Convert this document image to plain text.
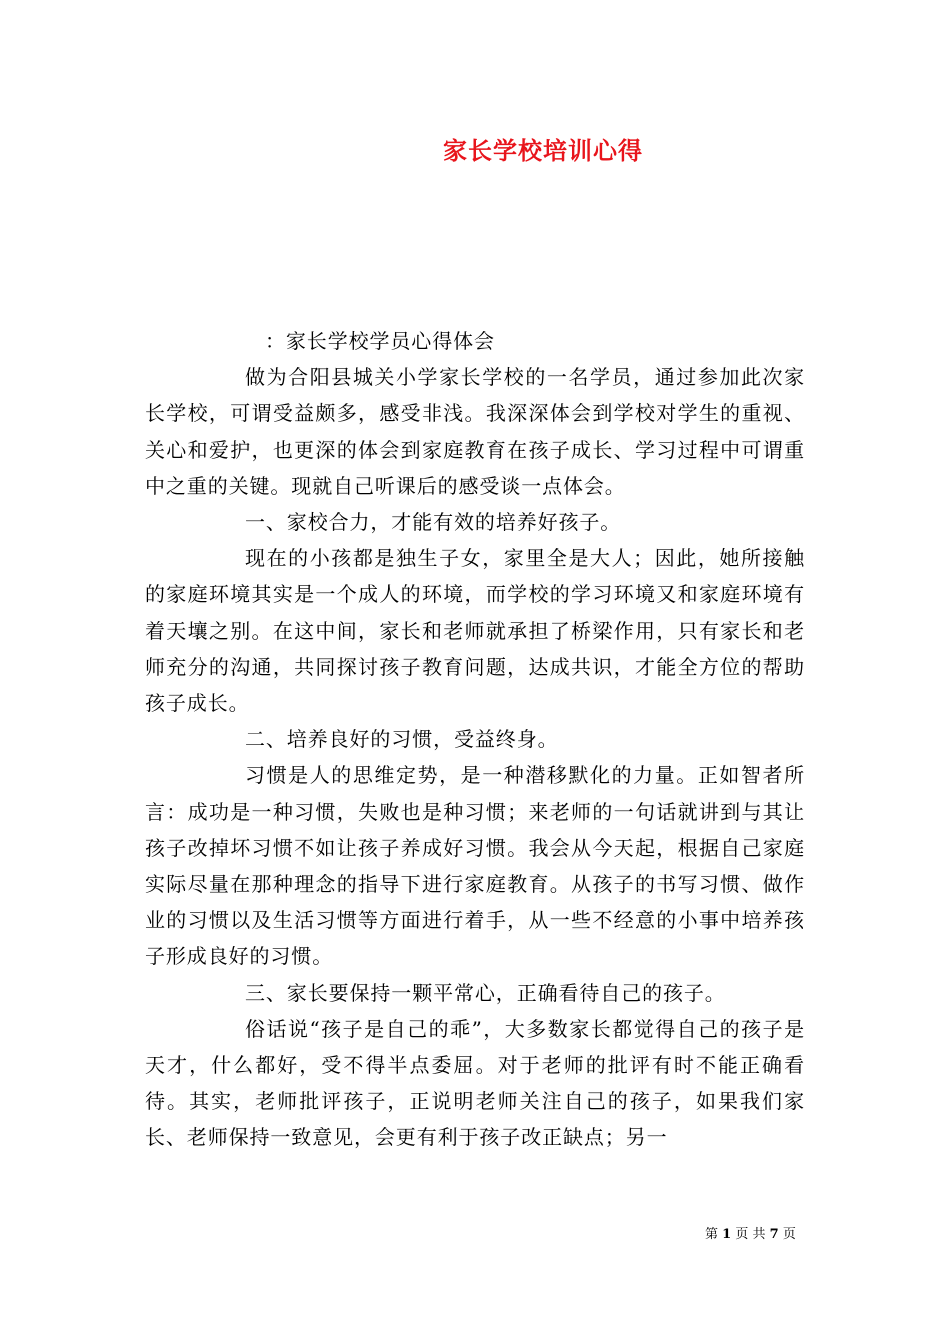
家长学校培训心得

：家长学校学员心得体会

做为合阳县城关小学家长学校的一名学员，通过参加此次家长学校，可谓受益颇多，感受非浅。我深深体会到学校对学生的重视、关心和爱护，也更深的体会到家庭教育在孩子成长、学习过程中可谓重中之重的关键。现就自己听课后的感受谈一点体会。

一、家校合力，才能有效的培养好孩子。

现在的小孩都是独生子女，家里全是大人；因此，她所接触的家庭环境其实是一个成人的环境，而学校的学习环境又和家庭环境有着天壤之别。在这中间，家长和老师就承担了桥梁作用，只有家长和老师充分的沟通，共同探讨孩子教育问题，达成共识，才能全方位的帮助孩子成长。

二、培养良好的习惯，受益终身。

习惯是人的思维定势，是一种潜移默化的力量。正如智者所言：成功是一种习惯，失败也是种习惯；来老师的一句话就讲到与其让孩子改掉坏习惯不如让孩子养成好习惯。我会从今天起，根据自己家庭实际尽量在那种理念的指导下进行家庭教育。从孩子的书写习惯、做作业的习惯以及生活习惯等方面进行着手，从一些不经意的小事中培养孩子形成良好的习惯。

三、家长要保持一颗平常心，正确看待自己的孩子。

俗话说“孩子是自己的乖”，大多数家长都觉得自己的孩子是天才，什么都好，受不得半点委屈。对于老师的批评有时不能正确看待。其实，老师批评孩子，正说明老师关注自己的孩子，如果我们家长、老师保持一致意见，会更有利于孩子改正缺点；另一

第 1 页 共 7 页
